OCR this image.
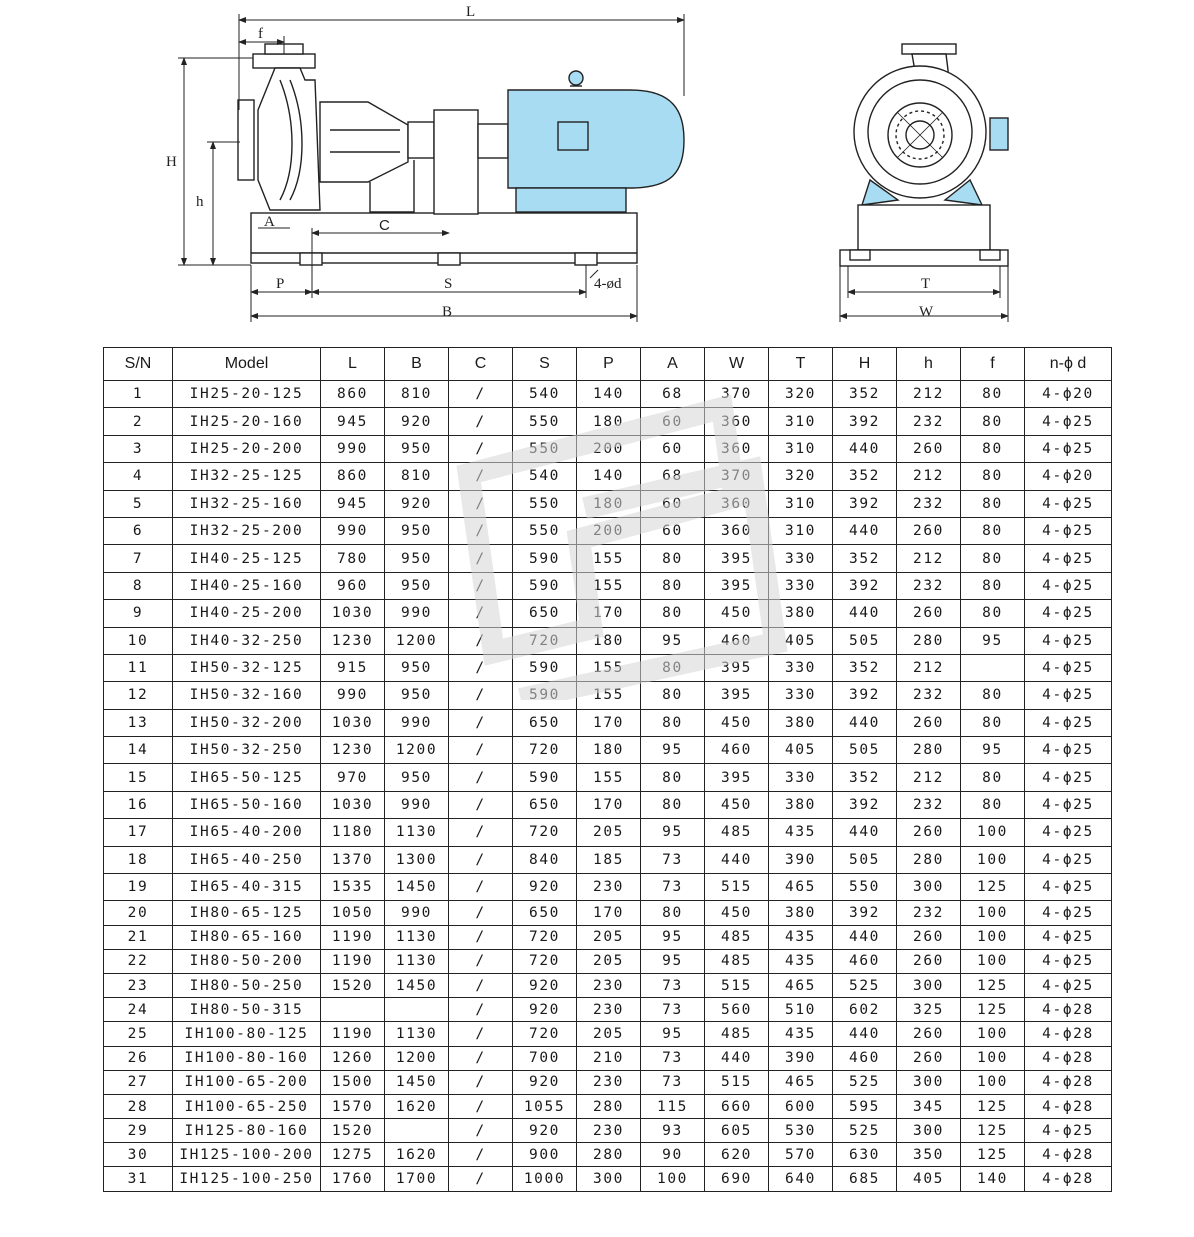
L
f
H
h
A	C
P	S
B
4-ød	T
W
S/N	Model	L	B	C	S	P	A	W	T	H	h	f	n-ϕ d
1	IH25-20-125	860	810	/	540	140	68	370	320	352	212	80	4-ϕ20
2	IH25-20-160	945	920	/	550	180	60	360	310	392	232	80	4-ϕ25
3	IH25-20-200	990	950	/	550	200	60	360	310	440	260	80	4-ϕ25
4	IH32-25-125	860	810	/	540	140	68	370	320	352	212	80	4-ϕ20
5	IH32-25-160	945	920	/	550	180	60	360	310	392	232	80	4-ϕ25
6	IH32-25-200	990	950	/	550	200	60	360	310	440	260	80	4-ϕ25
7	IH40-25-125	780	950	/	590	155	80	395	330	352	212	80	4-ϕ25
8	IH40-25-160	960	950	/	590	155	80	395	330	392	232	80	4-ϕ25
9	IH40-25-200	1030	990	/	650	170	80	450	380	440	260	80	4-ϕ25
10	IH40-32-250	1230	1200	/	720	180	95	460	405	505	280	95	4-ϕ25
11	IH50-32-125	915	950	/	590	155	80	395	330	352	212		4-ϕ25
12	IH50-32-160	990	950	/	590	155	80	395	330	392	232	80	4-ϕ25
13	IH50-32-200	1030	990	/	650	170	80	450	380	440	260	80	4-ϕ25
14	IH50-32-250	1230	1200	/	720	180	95	460	405	505	280	95	4-ϕ25
15	IH65-50-125	970	950	/	590	155	80	395	330	352	212	80	4-ϕ25
16	IH65-50-160	1030	990	/	650	170	80	450	380	392	232	80	4-ϕ25
17	IH65-40-200	1180	1130	/	720	205	95	485	435	440	260	100	4-ϕ25
18	IH65-40-250	1370	1300	/	840	185	73	440	390	505	280	100	4-ϕ25
19	IH65-40-315	1535	1450	/	920	230	73	515	465	550	300	125	4-ϕ25
20	IH80-65-125	1050	990	/	650	170	80	450	380	392	232	100	4-ϕ25
21	IH80-65-160	1190	1130	/	720	205	95	485	435	440	260	100	4-ϕ25
22	IH80-50-200	1190	1130	/	720	205	95	485	435	460	260	100	4-ϕ25
23	IH80-50-250	1520	1450	/	920	230	73	515	465	525	300	125	4-ϕ25
24	IH80-50-315			/	920	230	73	560	510	602	325	125	4-ϕ28
25	IH100-80-125	1190	1130	/	720	205	95	485	435	440	260	100	4-ϕ28
26	IH100-80-160	1260	1200	/	700	210	73	440	390	460	260	100	4-ϕ28
27	IH100-65-200	1500	1450	/	920	230	73	515	465	525	300	100	4-ϕ28
28	IH100-65-250	1570	1620	/	1055	280	115	660	600	595	345	125	4-ϕ28
29	IH125-80-160	1520		/	920	230	93	605	530	525	300	125	4-ϕ25
30	IH125-100-200	1275	1620	/	900	280	90	620	570	630	350	125	4-ϕ28
31	IH125-100-250	1760	1700	/	1000	300	100	690	640	685	405	140	4-ϕ28
